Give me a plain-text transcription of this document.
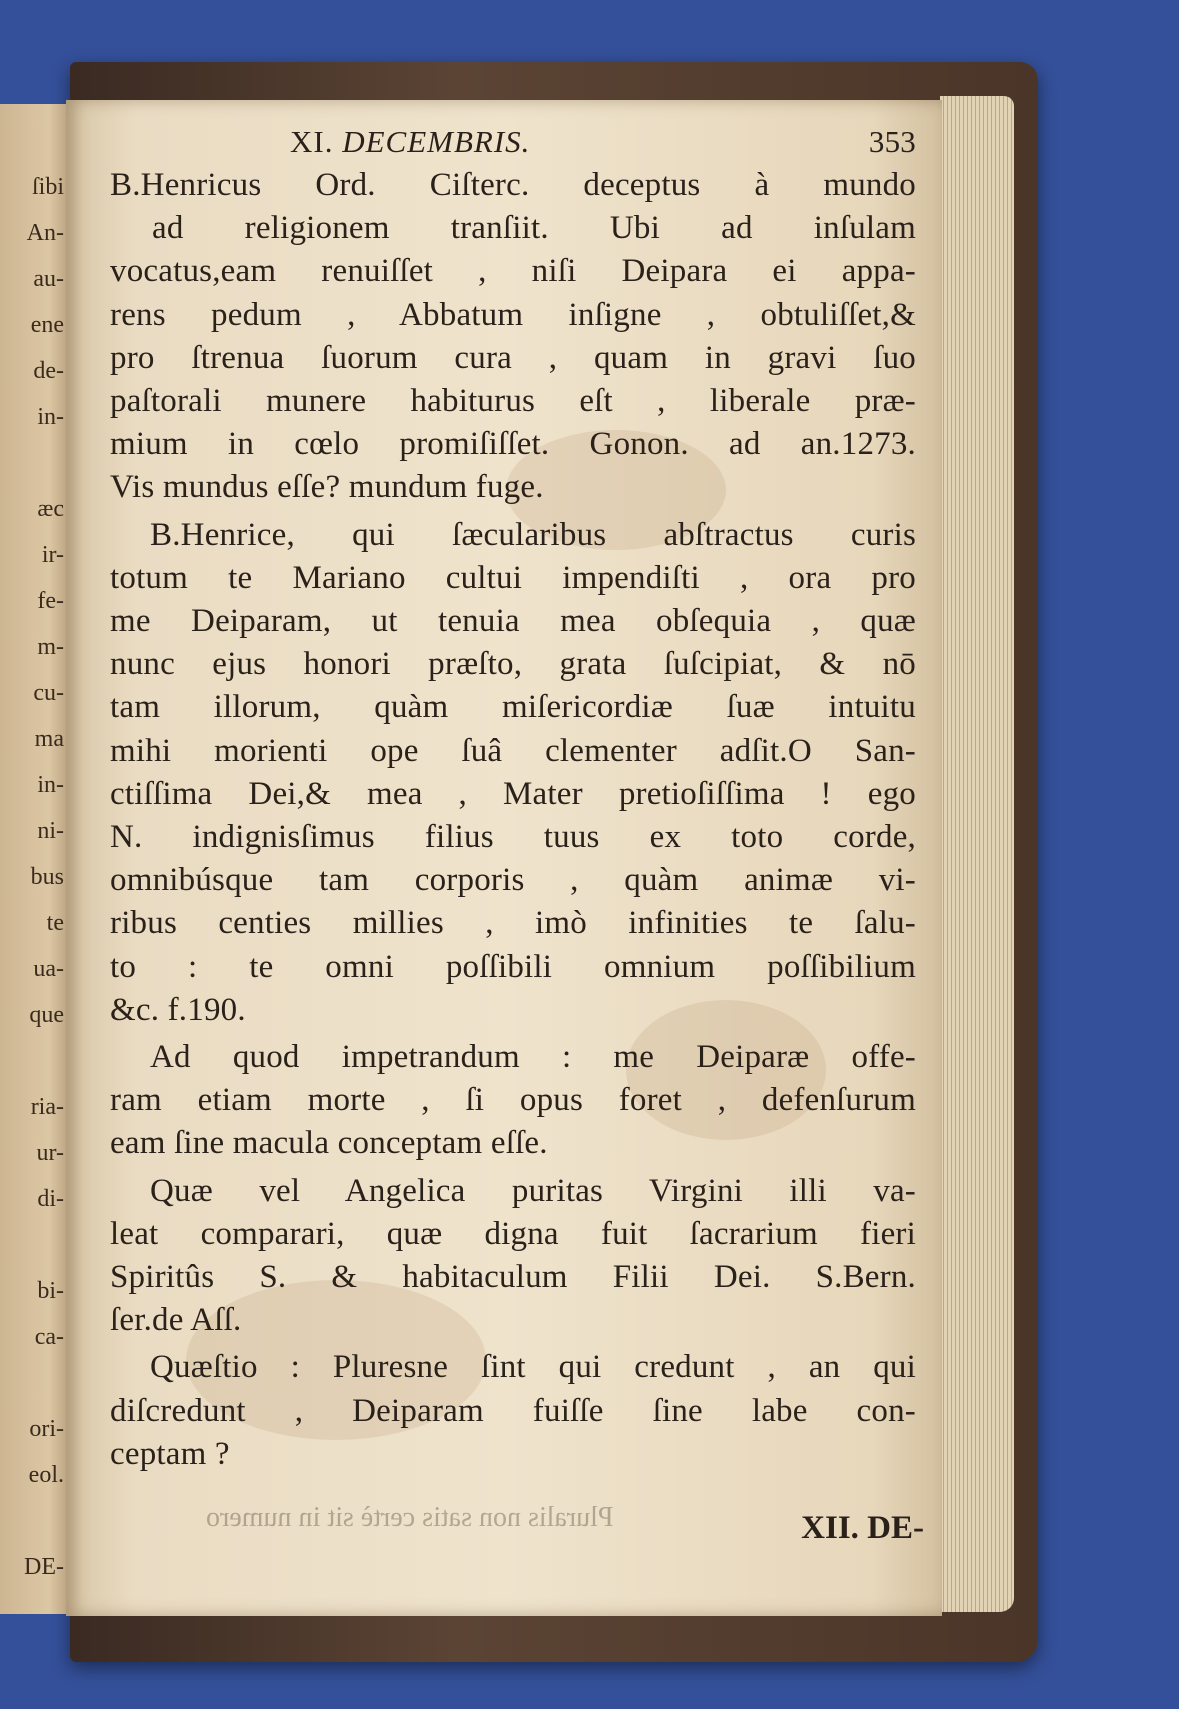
ſibi
An-
au-
ene
de-
in-
æc
ir-
fe-
m-
cu-
ma
in-
ni-
bus
te
ua-
que
ria-
ur-
di-
bi-
ca-
ori-
eol.
DE-
XI. DECEMBRIS.	353
B.Henricus Ord. Ciſterc. deceptus à mundo
ad religionem tranſiit. Ubi ad inſulam
vocatus,eam renuiſſet , niſi Deipara ei appa-
rens pedum , Abbatum inſigne , obtuliſſet,&
pro ſtrenua ſuorum cura , quam in gravi ſuo
paſtorali munere habiturus eſt , liberale præ-
mium in cœlo promiſiſſet. Gonon. ad an.1273.
Vis mundus eſſe? mundum fuge.
B.Henrice, qui ſæcularibus abſtractus curis
totum te Mariano cultui impendiſti , ora pro
me Deiparam, ut tenuia mea obſequia , quæ
nunc ejus honori præſto, grata ſuſcipiat, & nō
tam illorum, quàm miſericordiæ ſuæ intuitu
mihi morienti ope ſuâ clementer adſit.O San-
ctiſſima Dei,& mea , Mater pretioſiſſima ! ego
N. indignisſimus filius tuus ex toto corde,
omnibúsque tam corporis , quàm animæ vi-
ribus centies millies , imò infinities te ſalu-
to : te omni poſſibili omnium poſſibilium
&c. f.190.
Ad quod impetrandum : me Deiparæ offe-
ram etiam morte , ſi opus foret , defenſurum
eam ſine macula conceptam eſſe.
Quæ vel Angelica puritas Virgini illi va-
leat comparari, quæ digna fuit ſacrarium fieri
Spiritûs S. & habitaculum Filii Dei. S.Bern.
ſer.de Aſſ.
Quæſtio : Pluresne ſint qui credunt , an qui
diſcredunt , Deiparam fuiſſe ſine labe con-
ceptam ?
Pluralis non satis certè sit in numero	XII. DE-
